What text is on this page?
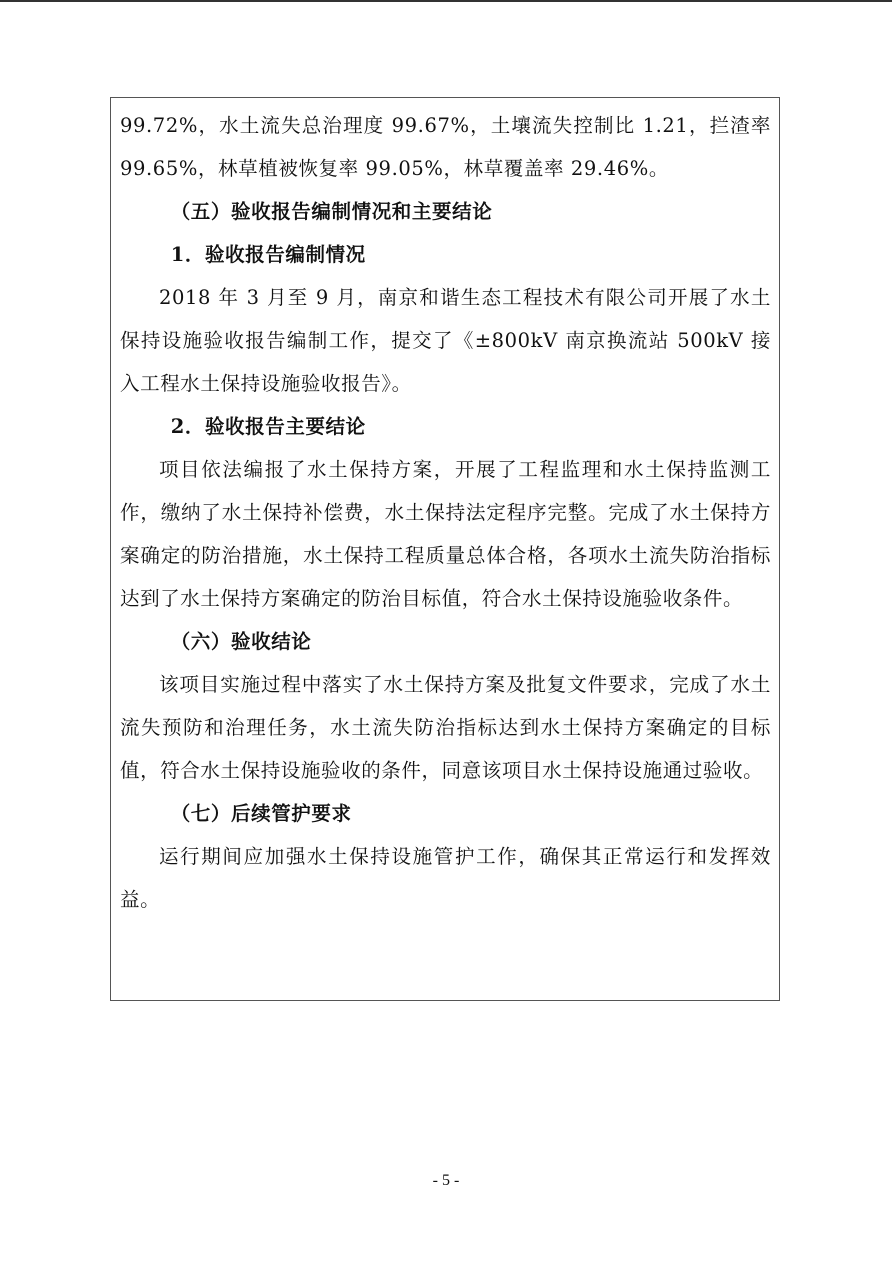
99.72%，水土流失总治理度 99.67%，土壤流失控制比 1.21，拦渣率 99.65%，林草植被恢复率 99.05%，林草覆盖率 29.46%。

（五）验收报告编制情况和主要结论

1．验收报告编制情况

2018 年 3 月至 9 月，南京和谐生态工程技术有限公司开展了水土保持设施验收报告编制工作，提交了《±800kV 南京换流站 500kV 接入工程水土保持设施验收报告》。

2．验收报告主要结论

项目依法编报了水土保持方案，开展了工程监理和水土保持监测工作，缴纳了水土保持补偿费，水土保持法定程序完整。完成了水土保持方案确定的防治措施，水土保持工程质量总体合格，各项水土流失防治指标达到了水土保持方案确定的防治目标值，符合水土保持设施验收条件。

（六）验收结论

该项目实施过程中落实了水土保持方案及批复文件要求，完成了水土流失预防和治理任务，水土流失防治指标达到水土保持方案确定的目标值，符合水土保持设施验收的条件，同意该项目水土保持设施通过验收。

（七）后续管护要求

运行期间应加强水土保持设施管护工作，确保其正常运行和发挥效益。

- 5 -
